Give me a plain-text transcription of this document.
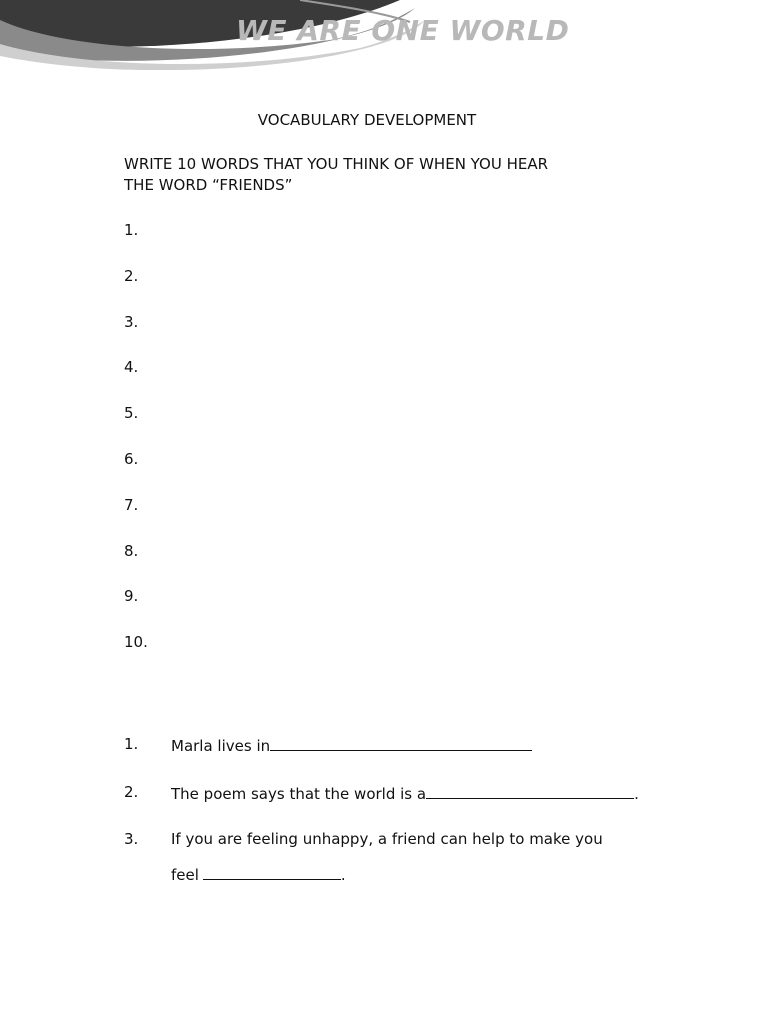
WE ARE ONE WORLD
VOCABULARY DEVELOPMENT
WRITE 10 WORDS THAT YOU THINK OF WHEN YOU HEAR
THE WORD “FRIENDS”
1.
2.
3.
4.
5.
6.
7.
8.
9.
10.
1. Marla lives in
2. The poem says that the world is a	.
3. If you are feeling unhappy, a friend can help to make you
feel	.
